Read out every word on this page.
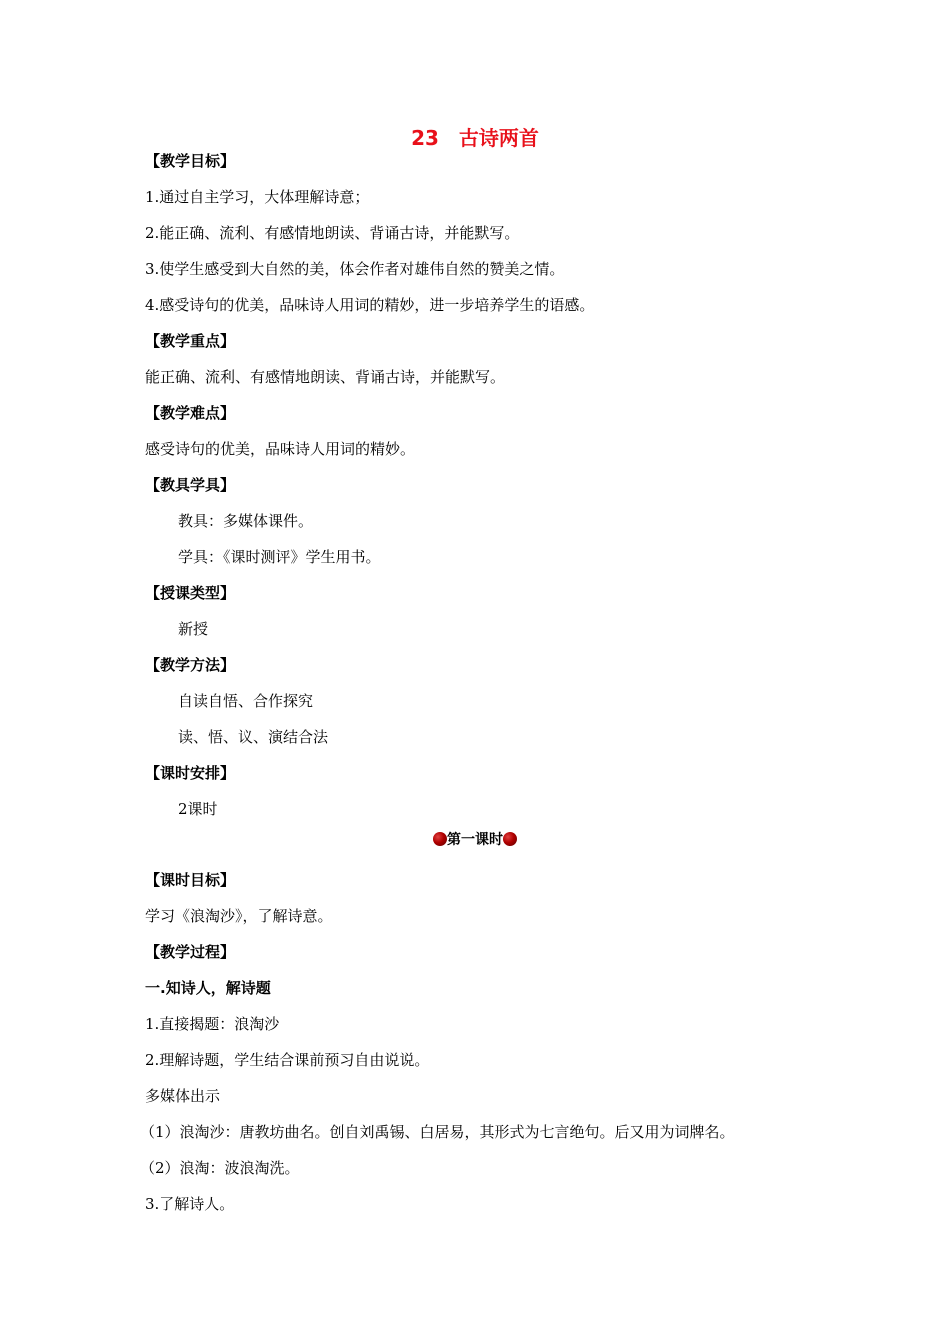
23 古诗两首
【教学目标】
1.通过自主学习，大体理解诗意；
2.能正确、流利、有感情地朗读、背诵古诗，并能默写。
3.使学生感受到大自然的美，体会作者对雄伟自然的赞美之情。
4.感受诗句的优美，品味诗人用词的精妙，进一步培养学生的语感。
【教学重点】
能正确、流利、有感情地朗读、背诵古诗，并能默写。
【教学难点】
感受诗句的优美，品味诗人用词的精妙。
【教具学具】
教具：多媒体课件。
学具：《课时测评》学生用书。
【授课类型】
新授
【教学方法】
自读自悟、合作探究
读、悟、议、演结合法
【课时安排】
2课时
第一课时
【课时目标】
学习《浪淘沙》，了解诗意。
【教学过程】
一.知诗人，解诗题
1.直接揭题：浪淘沙
2.理解诗题，学生结合课前预习自由说说。
多媒体出示
（1）浪淘沙：唐教坊曲名。创自刘禹锡、白居易，其形式为七言绝句。后又用为词牌名。
（2）浪淘：波浪淘洗。
3.了解诗人。
